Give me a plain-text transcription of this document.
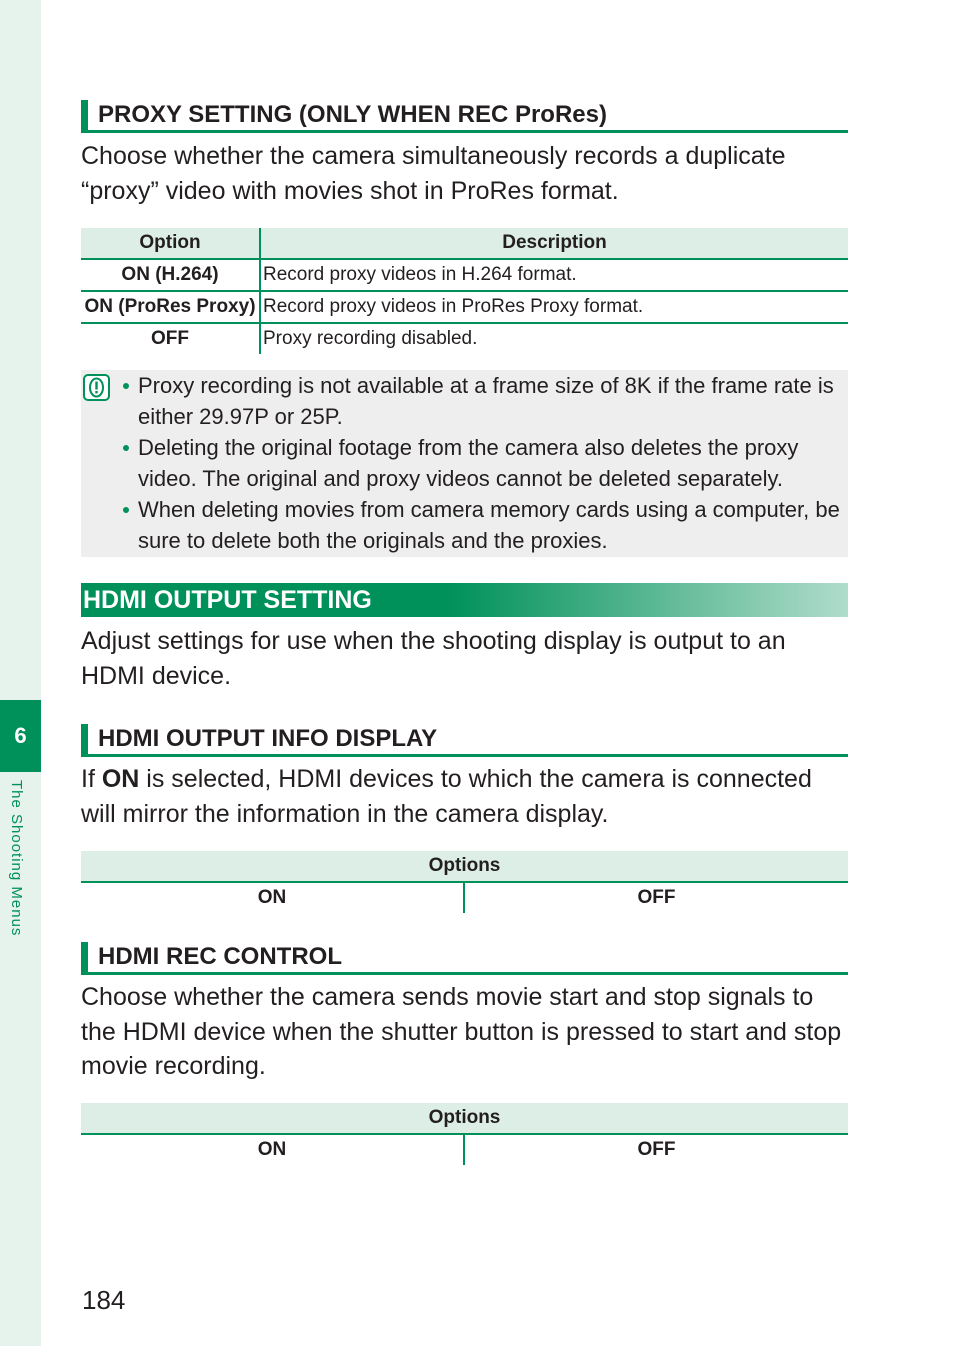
6
The Shooting Menus
PROXY SETTING (ONLY WHEN REC ProRes)

Choose whether the camera simultaneously records a duplicate “proxy” video with movies shot in ProRes format.

Option	Description
ON (H.264)	Record proxy videos in H.264 format.
ON (ProRes Proxy)	Record proxy videos in ProRes Proxy format.
OFF	Proxy recording disabled.
Proxy recording is not available at a frame size of 8K if the frame rate is either 29.97P or 25P.
Deleting the original footage from the camera also deletes the proxy video. The original and proxy videos cannot be deleted separately.
When deleting movies from camera memory cards using a computer, be sure to delete both the originals and the proxies.
HDMI OUTPUT SETTING

Adjust settings for use when the shooting display is output to an HDMI device.

HDMI OUTPUT INFO DISPLAY

If ON is selected, HDMI devices to which the camera is connected will mirror the information in the camera display.

Options
ON	OFF
HDMI REC CONTROL

Choose whether the camera sends movie start and stop signals to the HDMI device when the shutter button is pressed to start and stop movie recording.

Options
ON	OFF
184
